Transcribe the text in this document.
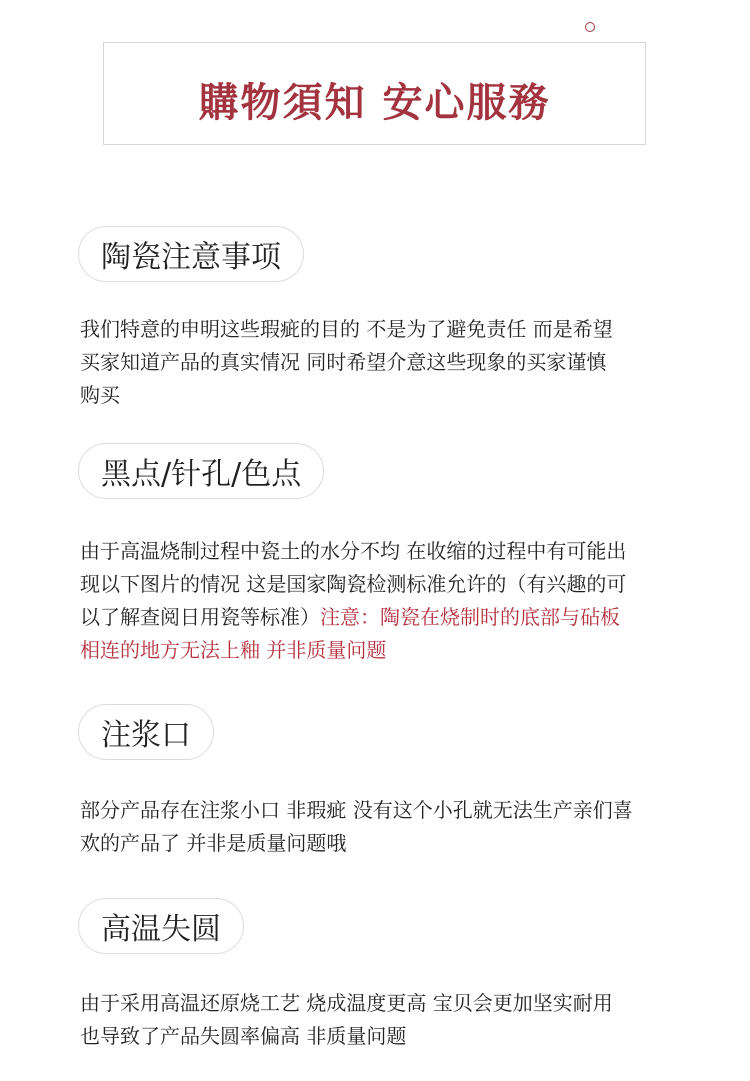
購物須知 安心服務
陶瓷注意事项
我们特意的申明这些瑕疵的目的 不是为了避免责任 而是希望
买家知道产品的真实情况 同时希望介意这些现象的买家谨慎
购买
黑点/针孔/色点
由于高温烧制过程中瓷土的水分不均 在收缩的过程中有可能出
现以下图片的情况 这是国家陶瓷检测标准允许的（有兴趣的可
以了解查阅日用瓷等标准）注意：陶瓷在烧制时的底部与砧板
相连的地方无法上釉 并非质量问题
注浆口
部分产品存在注浆小口 非瑕疵 没有这个小孔就无法生产亲们喜
欢的产品了 并非是质量问题哦
高温失圆
由于采用高温还原烧工艺 烧成温度更高 宝贝会更加坚实耐用
也导致了产品失圆率偏高 非质量问题
